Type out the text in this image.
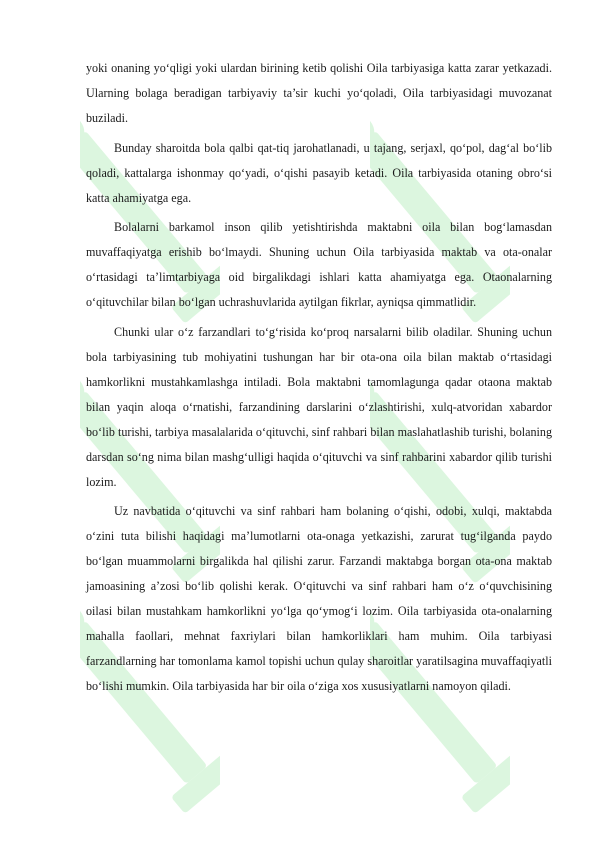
yoki onaning yo‘qligi yoki ulardan birining ketib qolishi Oila tarbiyasiga katta zarar yetkazadi. Ularning bolaga beradigan tarbiyaviy ta’sir kuchi yo‘qoladi, Oila tarbiyasidagi muvozanat buziladi.

Bunday sharoitda bola qalbi qat-tiq jarohatlanadi, u tajang, serjaxl, qo‘pol, dag‘al bo‘lib qoladi, kattalarga ishonmay qo‘yadi, o‘qishi pasayib ketadi. Oila tarbiyasida otaning obro‘si katta ahamiyatga ega.

Bolalarni barkamol inson qilib yetishtirishda maktabni oila bilan bog‘lamasdan muvaffaqiyatga erishib bo‘lmaydi. Shuning uchun Oila tarbiyasida maktab va ota-onalar o‘rtasidagi ta’limtarbiyaga oid birgalikdagi ishlari katta ahamiyatga ega. Otaonalarning o‘qituvchilar bilan bo‘lgan uchrashuvlarida aytilgan fikrlar, ayniqsa qimmatlidir.

Chunki ular o‘z farzandlari to‘g‘risida ko‘proq narsalarni bilib oladilar. Shuning uchun bola tarbiyasining tub mohiyatini tushungan har bir ota-ona oila bilan maktab o‘rtasidagi hamkorlikni mustahkamlashga intiladi. Bola maktabni tamomlagunga qadar otaona maktab bilan yaqin aloqa o‘rnatishi, farzandining darslarini o‘zlashtirishi, xulq-atvoridan xabardor bo‘lib turishi, tarbiya masalalarida o‘qituvchi, sinf rahbari bilan maslahatlashib turishi, bolaning darsdan so‘ng nima bilan mashg‘ulligi haqida o‘qituvchi va sinf rahbarini xabardor qilib turishi lozim.

Uz navbatida o‘qituvchi va sinf rahbari ham bolaning o‘qishi, odobi, xulqi, maktabda o‘zini tuta bilishi haqidagi ma’lumotlarni ota-onaga yetkazishi, zarurat tug‘ilganda paydo bo‘lgan muammolarni birgalikda hal qilishi zarur. Farzandi maktabga borgan ota-ona maktab jamoasining a’zosi bo‘lib qolishi kerak. O‘qituvchi va sinf rahbari ham o‘z o‘quvchisining oilasi bilan mustahkam hamkorlikni yo‘lga qo‘ymog‘i lozim. Oila tarbiyasida ota-onalarning mahalla faollari, mehnat faxriylari bilan hamkorliklari ham muhim. Oila tarbiyasi farzandlarning har tomonlama kamol topishi uchun qulay sharoitlar yaratilsagina muvaffaqiyatli bo‘lishi mumkin. Oila tarbiyasida har bir oila o‘ziga xos xususiyatlarni namoyon qiladi.
